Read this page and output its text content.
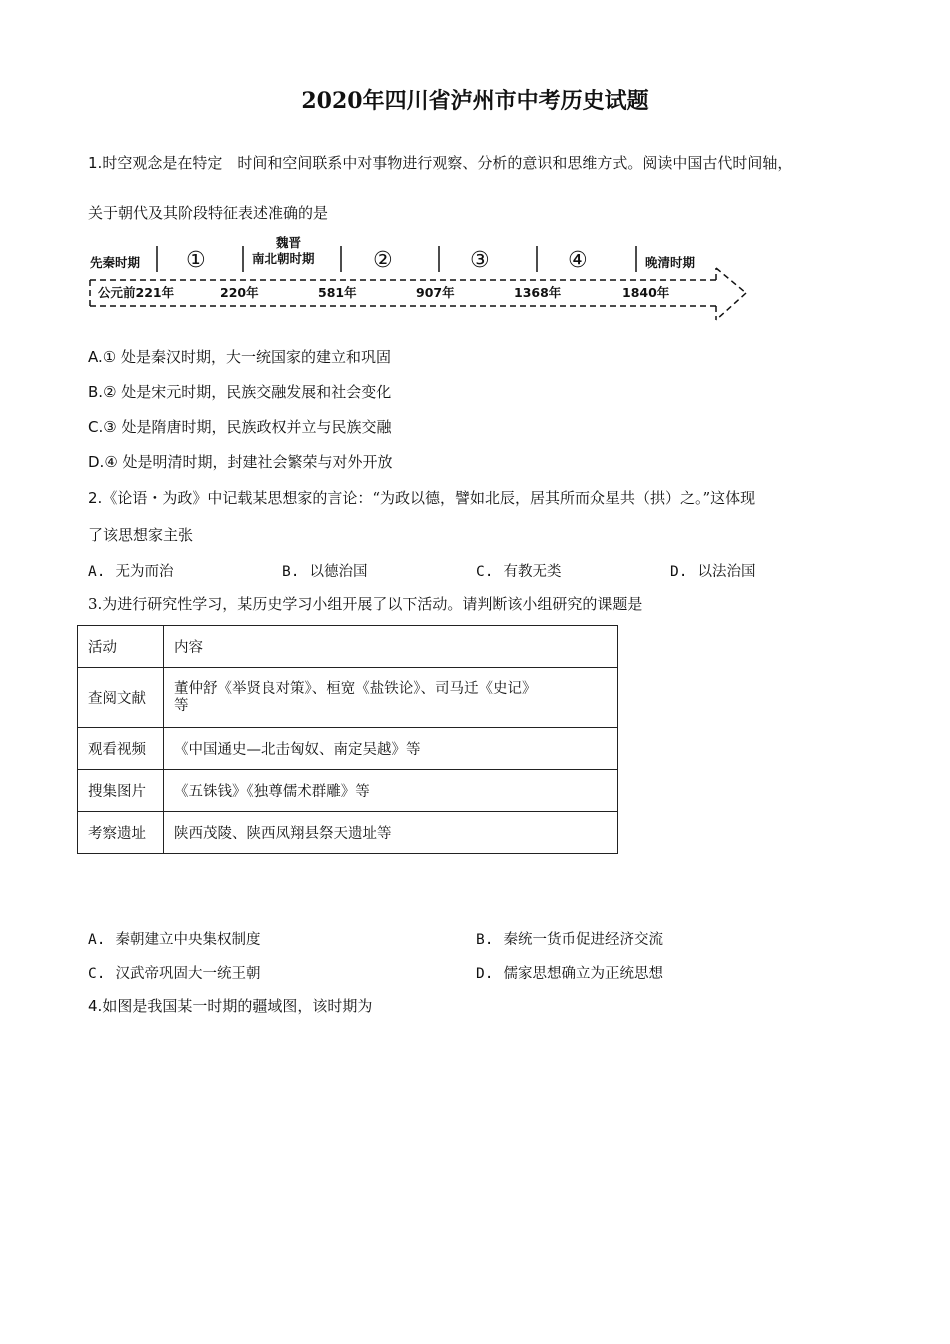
2020年四川省泸州市中考历史试题
1.时空观念是在特定　时间和空间联系中对事物进行观察、分析的意识和思维方式。阅读中国古代时间轴，
关于朝代及其阶段特征表述准确的是
先秦时期 ①
魏晋
南北朝时期	②	③	④	晚清时期
公元前221年	220年	581年	907年	1368年	1840年
A.① 处是秦汉时期，大一统国家的建立和巩固
B.② 处是宋元时期，民族交融发展和社会变化
C.③ 处是隋唐时期，民族政权并立与民族交融
D.④ 处是明清时期，封建社会繁荣与对外开放
2.《论语・为政》中记载某思想家的言论：“为政以德，譬如北辰，居其所而众星共（拱）之。”这体现
了该思想家主张
A. 无为而治	B. 以德治国	C. 有教无类	D. 以法治国
3.为进行研究性学习，某历史学习小组开展了以下活动。请判断该小组研究的课题是
活动	内容
查阅文献	董仲舒《举贤良对策》、桓宽《盐铁论》、司马迁《史记》
等
观看视频	《中国通史—北击匈奴、南定吴越》等
搜集图片	《五铢钱》《独尊儒术群雕》等
考察遗址	陕西茂陵、陕西凤翔县祭天遗址等
A. 秦朝建立中央集权制度	B. 秦统一货币促进经济交流
C. 汉武帝巩固大一统王朝	D. 儒家思想确立为正统思想
4.如图是我国某一时期的疆域图，该时期为
